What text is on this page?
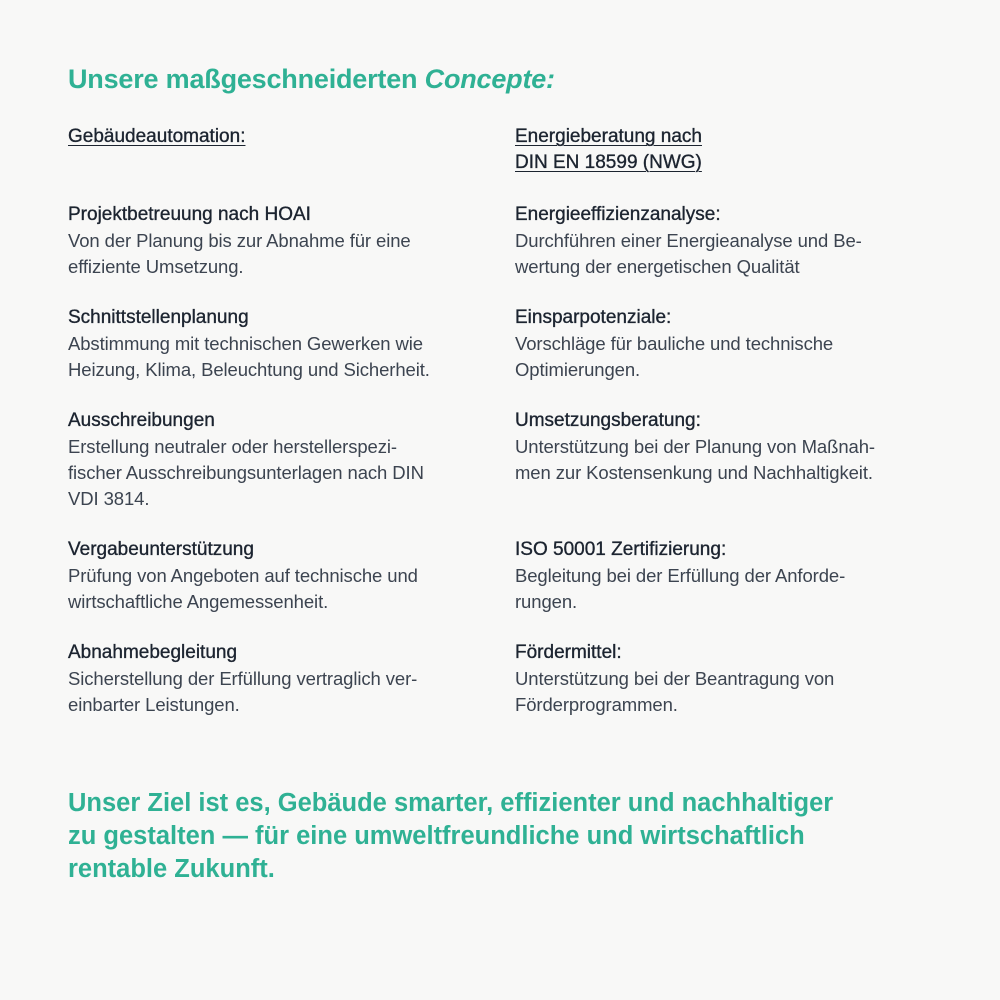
Unsere maßgeschneiderten Concepte:
Gebäudeautomation:
Projektbetreuung nach HOAI

Von der Planung bis zur Abnahme für eine
effiziente Umsetzung.

Schnittstellenplanung

Abstimmung mit technischen Gewerken wie
Heizung, Klima, Beleuchtung und Sicherheit.

Ausschreibungen

Erstellung neutraler oder herstellerspezi-
fischer Ausschreibungsunterlagen nach DIN
VDI 3814.

Vergabeunterstützung

Prüfung von Angeboten auf technische und
wirtschaftliche Angemessenheit.

Abnahmebegleitung

Sicherstellung der Erfüllung vertraglich ver-
einbarter Leistungen.

Energieberatung nach
DIN EN 18599 (NWG)
Energieeffizienzanalyse:

Durchführen einer Energieanalyse und Be-
wertung der energetischen Qualität

Einsparpotenziale:

Vorschläge für bauliche und technische
Optimierungen.

Umsetzungsberatung:

Unterstützung bei der Planung von Maßnah-
men zur Kostensenkung und Nachhaltigkeit.

ISO 50001 Zertifizierung:

Begleitung bei der Erfüllung der Anforde-
rungen.

Fördermittel:

Unterstützung bei der Beantragung von
Förderprogrammen.

Unser Ziel ist es, Gebäude smarter, effizienter und nachhaltiger
zu gestalten — für eine umweltfreundliche und wirtschaftlich
rentable Zukunft.
